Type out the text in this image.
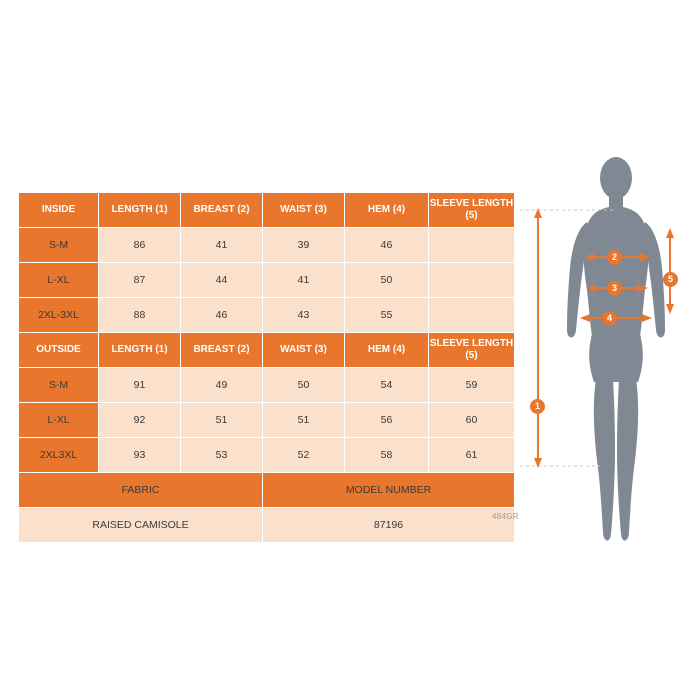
INSIDE	LENGTH (1)	BREAST (2)	WAIST (3)	HEM (4)	SLEEVE LENGTH (5)
S-M	86	41	39	46	
L-XL	87	44	41	50	
2XL-3XL	88	46	43	55	
OUTSIDE	LENGTH (1)	BREAST (2)	WAIST (3)	HEM (4)	SLEEVE LENGTH (5)
S-M	91	49	50	54	59
L-XL	92	51	51	56	60
2XL3XL	93	53	52	58	61
FABRIC			MODEL NUMBER		
RAISED CAMISOLE			87196		
484GR
1
2
3
4
5
